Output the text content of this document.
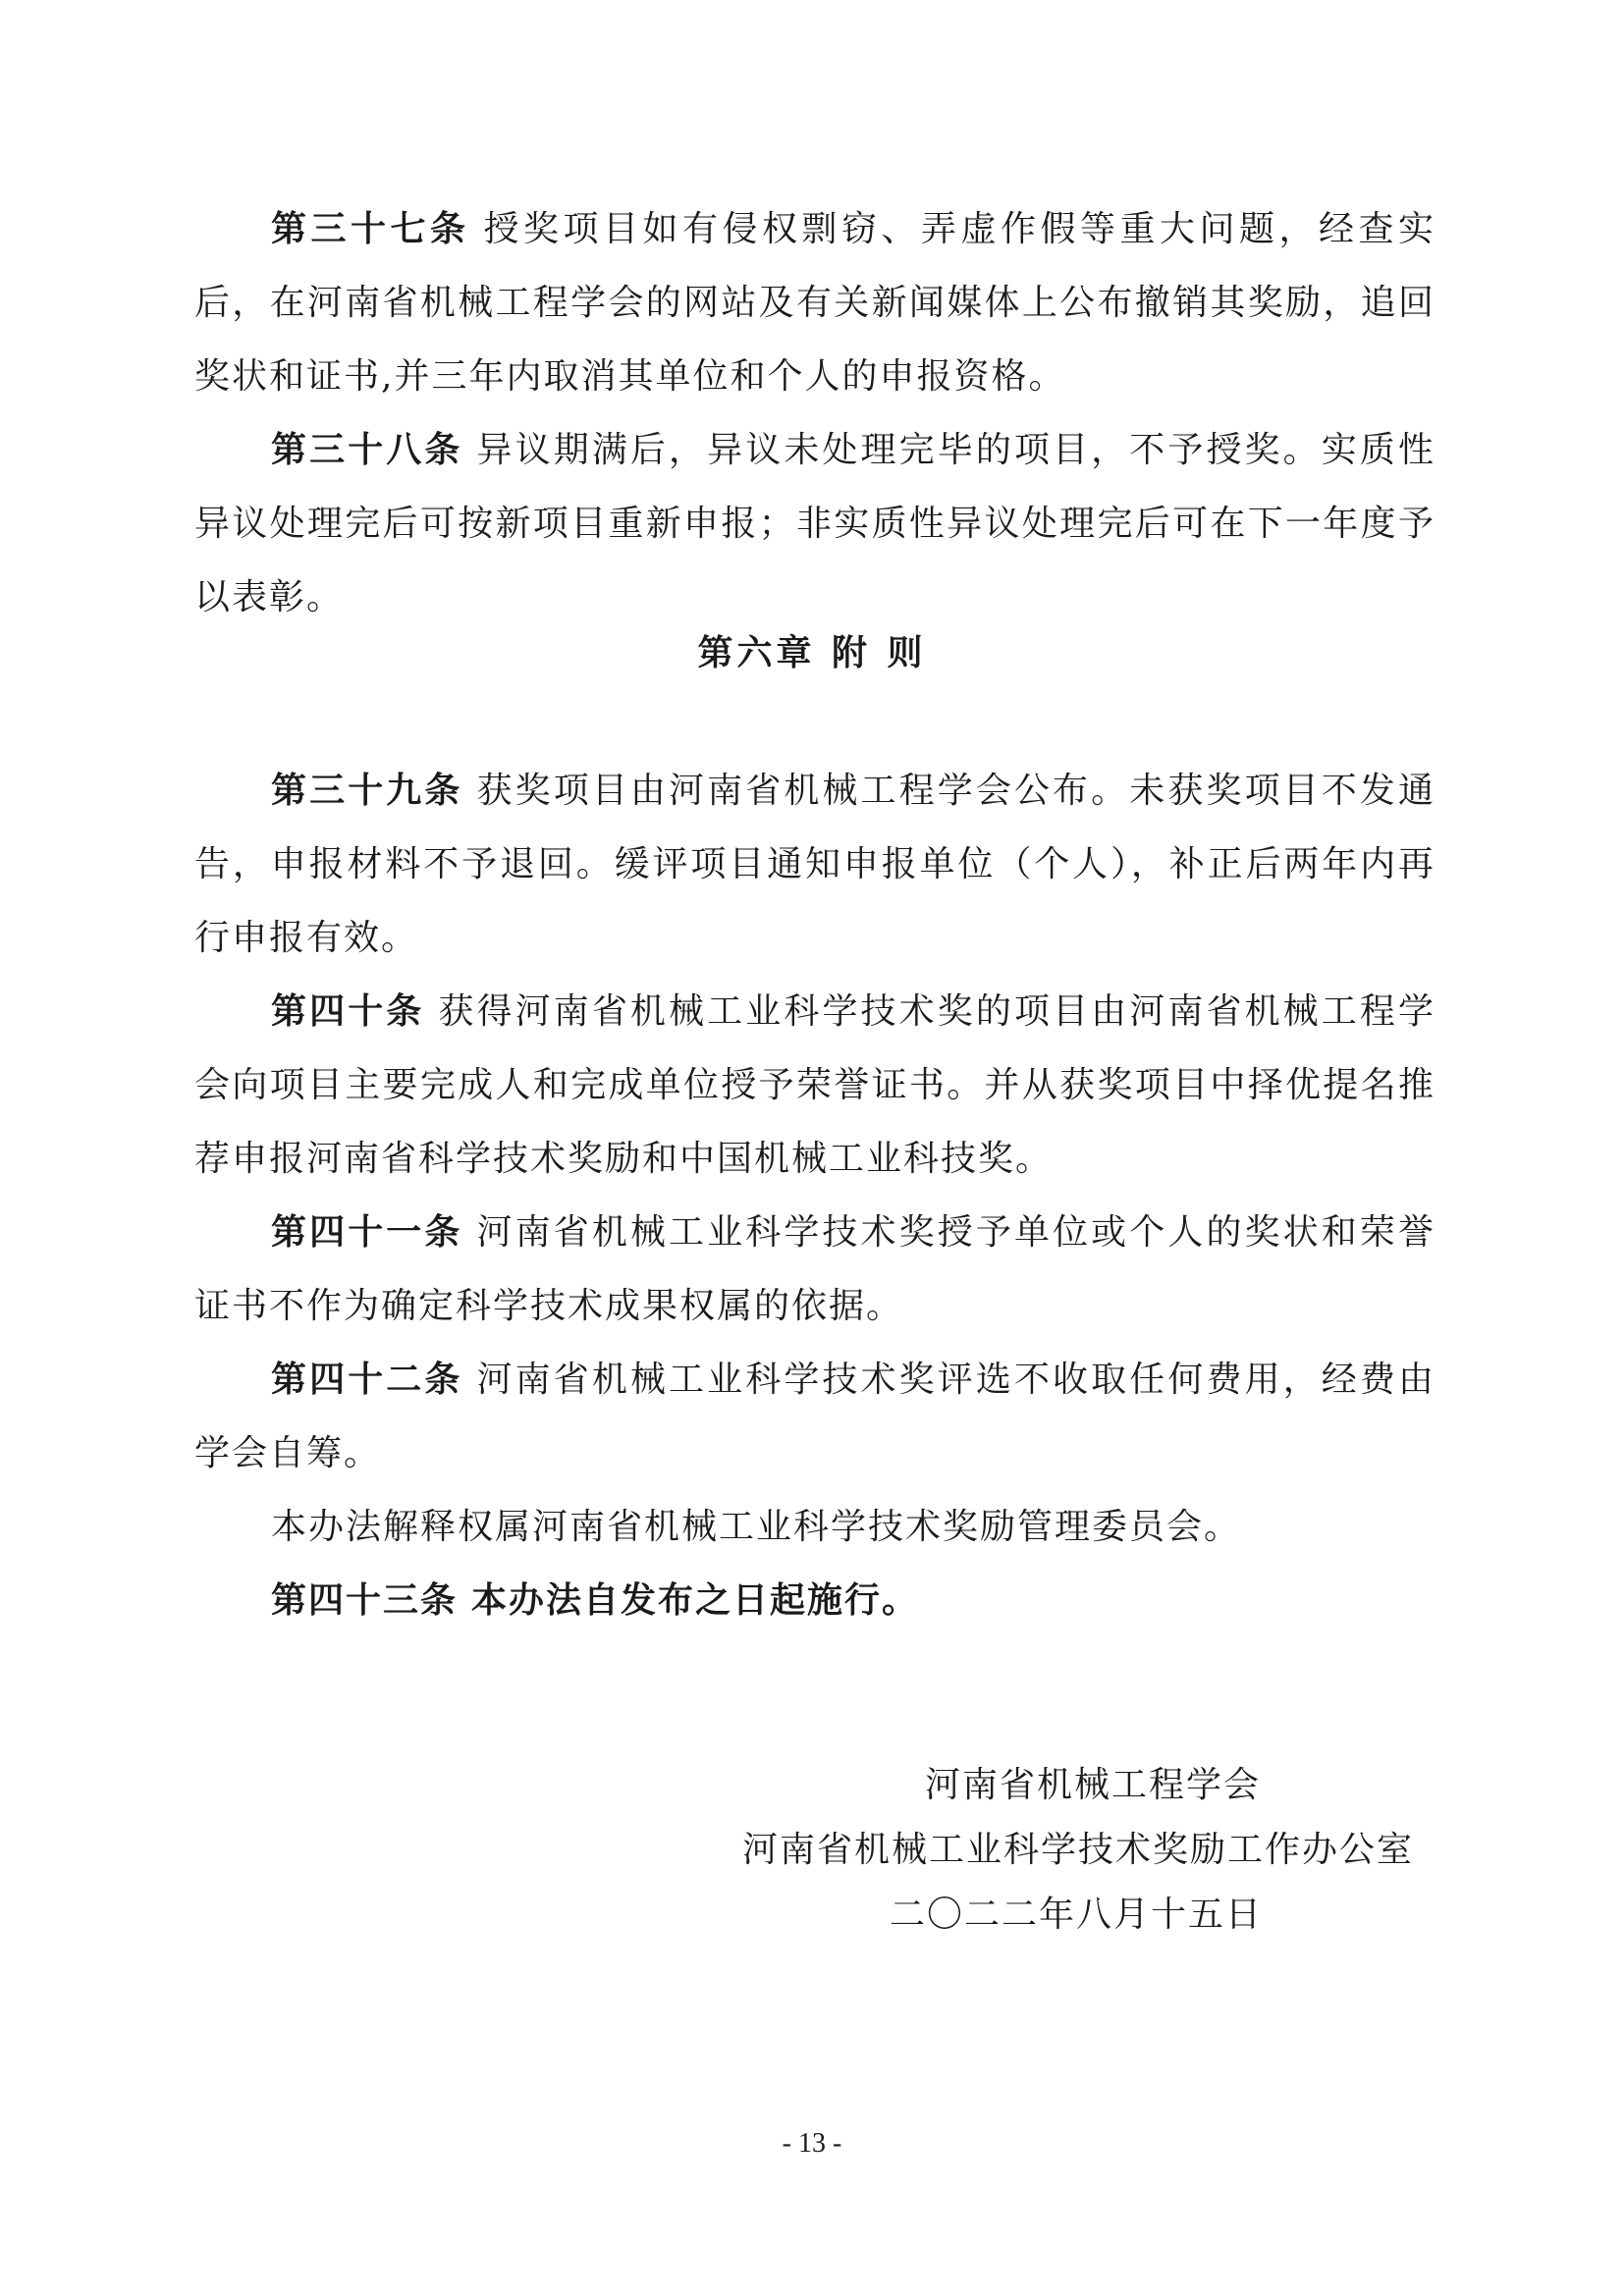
第三十七条 授奖项目如有侵权剽窃、弄虚作假等重大问题，经查实后，在河南省机械工程学会的网站及有关新闻媒体上公布撤销其奖励，追回奖状和证书,并三年内取消其单位和个人的申报资格。

第三十八条 异议期满后，异议未处理完毕的项目，不予授奖。实质性异议处理完后可按新项目重新申报；非实质性异议处理完后可在下一年度予以表彰。

第六章 附 则

第三十九条 获奖项目由河南省机械工程学会公布。未获奖项目不发通告，申报材料不予退回。缓评项目通知申报单位（个人），补正后两年内再行申报有效。

第四十条 获得河南省机械工业科学技术奖的项目由河南省机械工程学会向项目主要完成人和完成单位授予荣誉证书。并从获奖项目中择优提名推荐申报河南省科学技术奖励和中国机械工业科技奖。

第四十一条 河南省机械工业科学技术奖授予单位或个人的奖状和荣誉证书不作为确定科学技术成果权属的依据。

第四十二条 河南省机械工业科学技术奖评选不收取任何费用，经费由学会自筹。

本办法解释权属河南省机械工业科学技术奖励管理委员会。

第四十三条 本办法自发布之日起施行。

河南省机械工程学会
河南省机械工业科学技术奖励工作办公室
二〇二二年八月十五日
- 13 -
